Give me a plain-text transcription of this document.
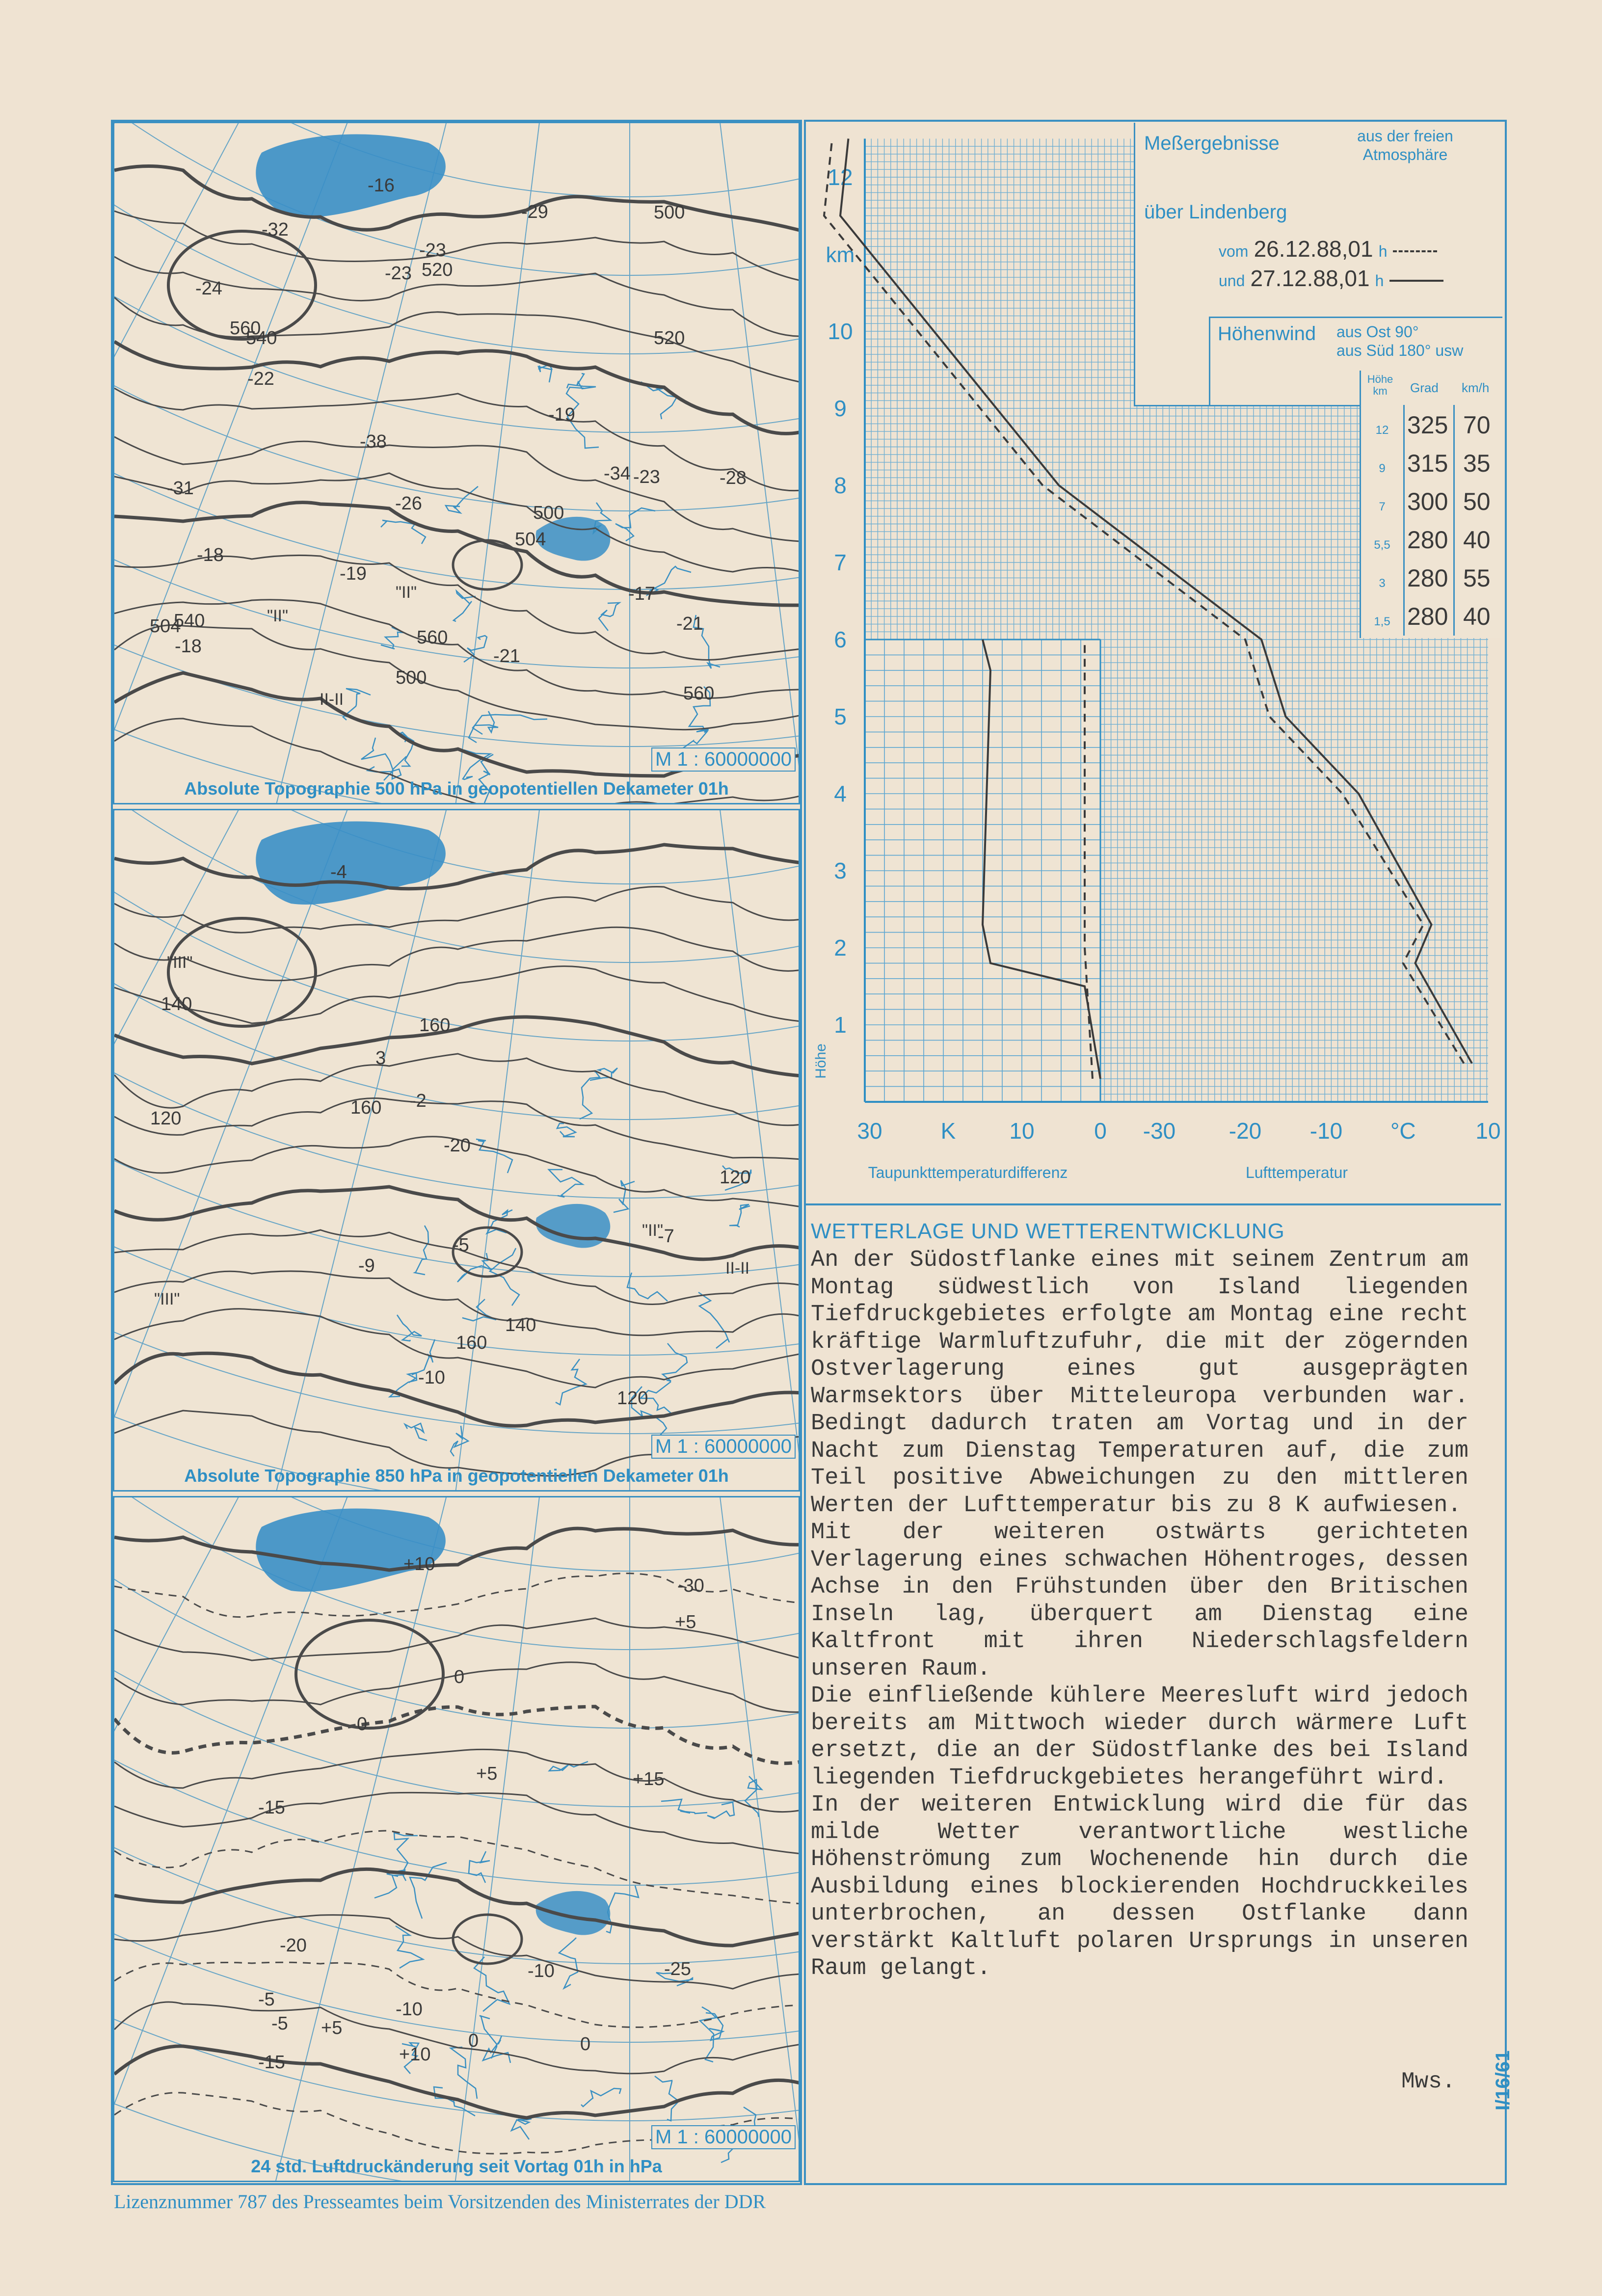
500
500
500
504
504
520
520
540
540
560
560
560
-38
-32
-26
-23
-21
-31
-34	-28
-24
-29
-19
-21
-16
-18
-17
-19
-23
-22
-23
-18
II-II
"II"
"II"
M 1 : 60000000
Absolute Topographie 500 hPa in geopotentiellen Dekameter 01h
120
120
120
140
140
160
160
160
"III"
-5
-2
-7
-10
-4
-9
-20
3
"II"
II-II
"III"
M 1 : 60000000
Absolute Topographie 850 hPa in geopotentiellen Dekameter 01h
0
0
0
-5
-10
-15
-20
-25
-30
+5
+10
+15
+5
+10
+5
0
-5
-10
-15
M 1 : 60000000
24 std. Luftdruckänderung seit Vortag 01h in hPa
1
2
3
4
5
6
7
8
9
10
12
km
Höhe
30	K 10	0 -30 -20 -10 °C	10
Taupunkttemperaturdifferenz	Lufttemperatur
Meßergebnisse	aus der freien Atmosphäre
über Lindenberg
vom 26.12.88,01 h
und 27.12.88,01 h
Höhenwind aus Ost 90°
aus Süd 180° usw
Höhe km	Grad km/h
12 325 70
9 315 35
7 300 50
5,5 280 40
3 280 55
1,5 280 40
WETTERLAGE UND WETTERENTWICKLUNG

An der Südostflanke eines mit seinem Zentrum am Montag südwestlich von Island liegenden Tiefdruckgebietes erfolgte am Montag eine recht kräftige Warmluftzufuhr, die mit der zögernden Ostverlagerung eines gut ausgeprägten Warmsektors über Mitteleuropa verbunden war. Bedingt dadurch traten am Vortag und in der Nacht zum Dienstag Temperaturen auf, die zum Teil positive Abweichungen zu den mittleren Werten der Lufttemperatur bis zu 8 K aufwiesen.

Mit der weiteren ostwärts gerichteten Verlagerung eines schwachen Höhentroges, dessen Achse in den Frühstunden über den Britischen Inseln lag, überquert am Dienstag eine Kaltfront mit ihren Niederschlagsfeldern unseren Raum.

Die einfließende kühlere Meeresluft wird jedoch bereits am Mittwoch wieder durch wärmere Luft ersetzt, die an der Südostflanke des bei Island liegenden Tiefdruckgebietes herangeführt wird.

In der weiteren Entwicklung wird die für das milde Wetter verantwortliche westliche Höhenströmung zum Wochenende hin durch die Ausbildung eines blockierenden Hochdruckkeiles unterbrochen, an dessen Ostflanke dann verstärkt Kaltluft polaren Ursprungs in unseren Raum gelangt.

Mws.
Lizenznummer 787 des Presseamtes beim Vorsitzenden des Ministerrates der DDR
I/16/61
